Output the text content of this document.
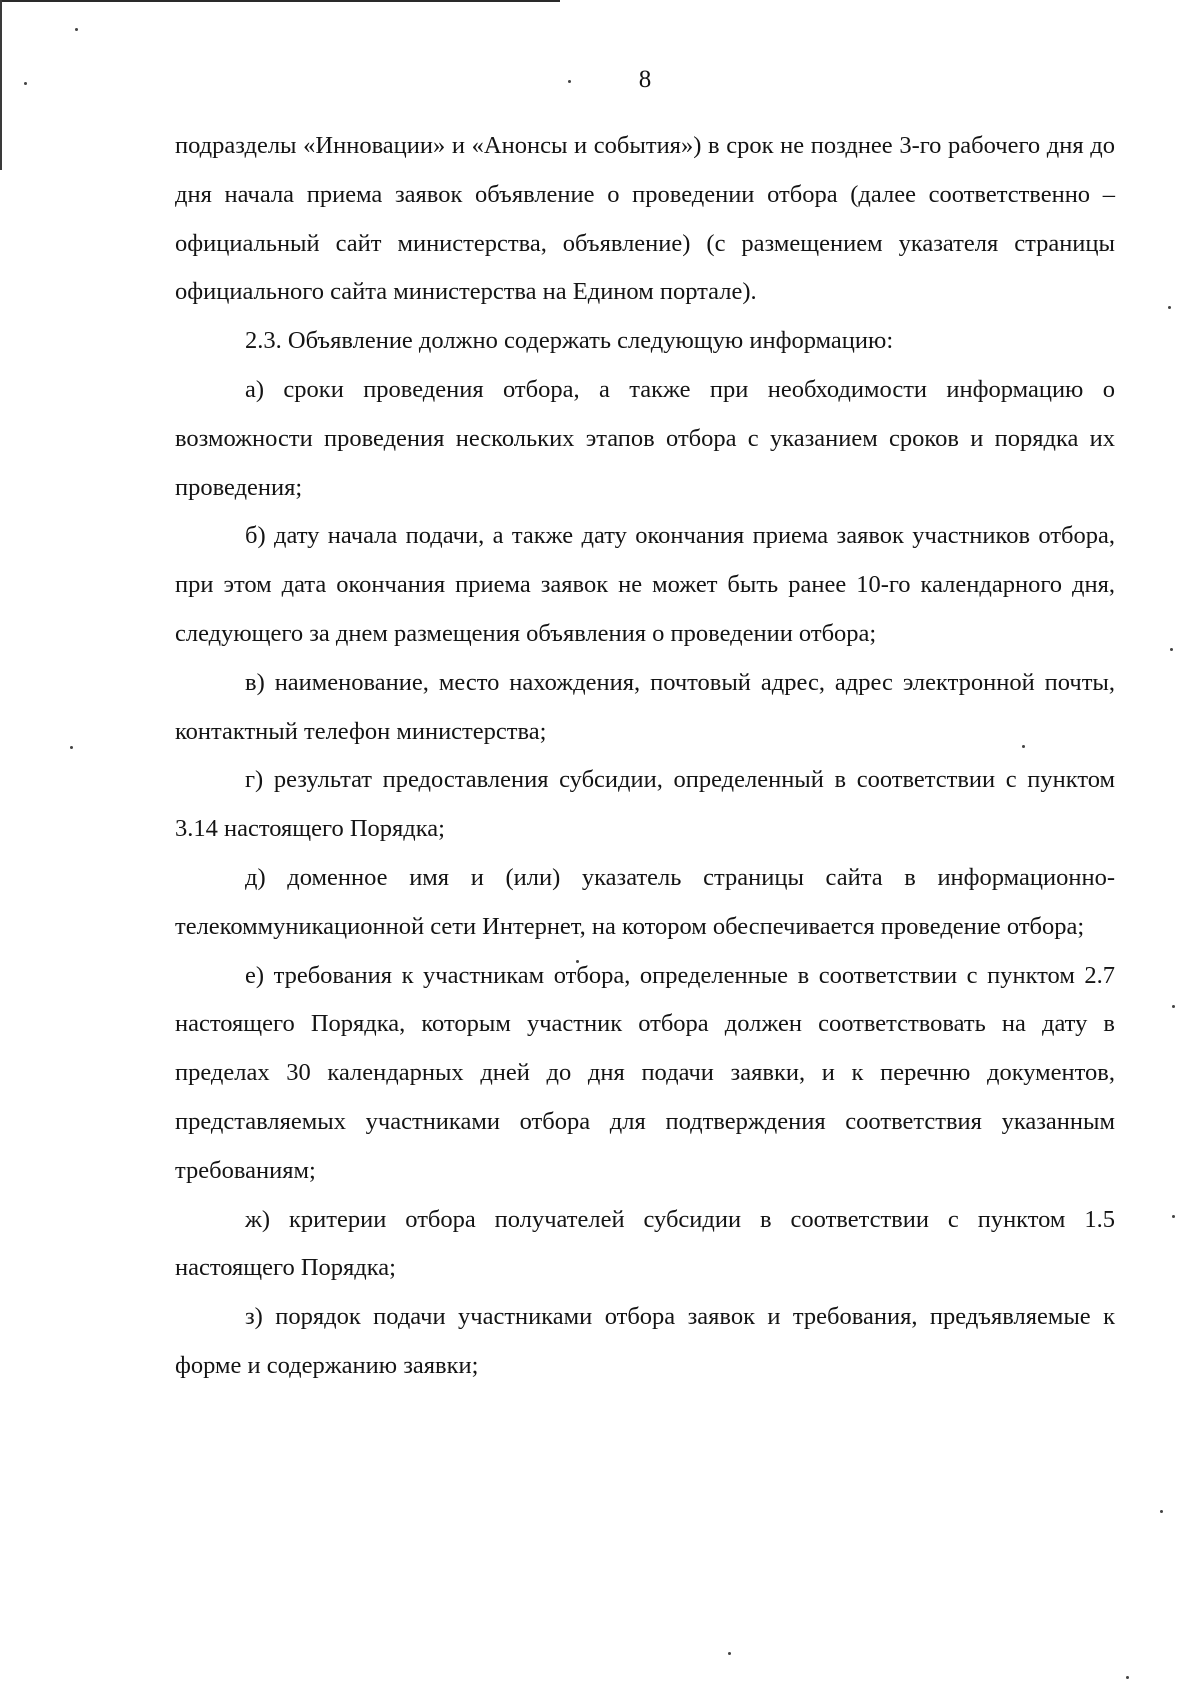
8

подразделы «Инновации» и «Анонсы и события») в срок не позднее 3-го рабочего дня до дня начала приема заявок объявление о проведении отбора (далее соответственно – официальный сайт министерства, объявление) (с размещением указателя страницы официального сайта министерства на Едином портале).

2.3. Объявление должно содержать следующую информацию:

а) сроки проведения отбора, а также при необходимости информацию о возможности проведения нескольких этапов отбора с указанием сроков и порядка их проведения;

б) дату начала подачи, а также дату окончания приема заявок участников отбора, при этом дата окончания приема заявок не может быть ранее 10-го календарного дня, следующего за днем размещения объявления о проведении отбора;

в) наименование, место нахождения, почтовый адрес, адрес электронной почты, контактный телефон министерства;

г) результат предоставления субсидии, определенный в соответствии с пунктом 3.14 настоящего Порядка;

д) доменное имя и (или) указатель страницы сайта в информационно-телекоммуникационной сети Интернет, на котором обеспечивается проведение отбора;

е) требования к участникам отбора, определенные в соответствии с пунктом 2.7 настоящего Порядка, которым участник отбора должен соответствовать на дату в пределах 30 календарных дней до дня подачи заявки, и к перечню документов, представляемых участниками отбора для подтверждения соответствия указанным требованиям;

ж) критерии отбора получателей субсидии в соответствии с пунктом 1.5 настоящего Порядка;

з) порядок подачи участниками отбора заявок и требования, предъявляемые к форме и содержанию заявки;
